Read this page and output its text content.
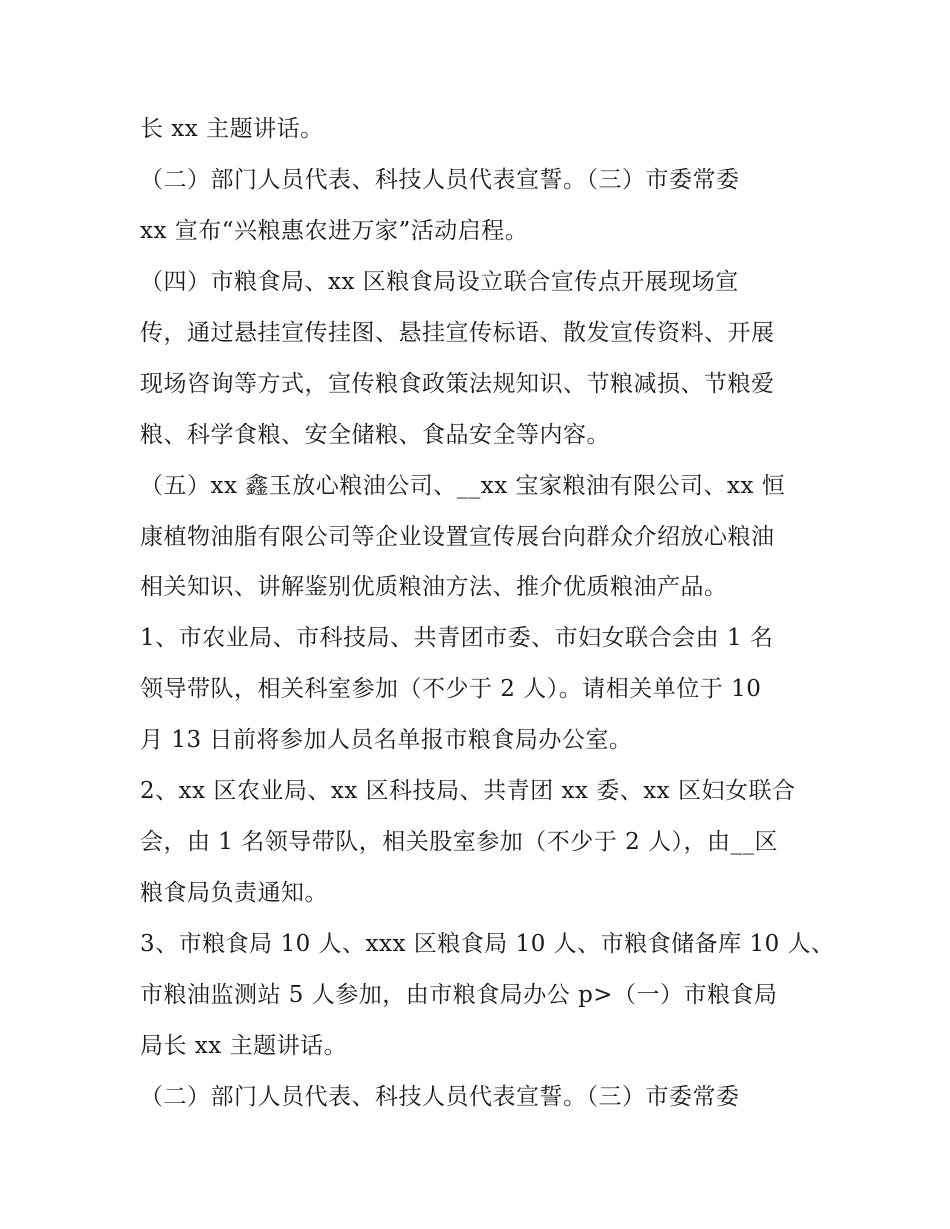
长 xx 主题讲话。
（二）部门人员代表、科技人员代表宣誓。（三）市委常委
xx 宣布“兴粮惠农进万家”活动启程。
（四）市粮食局、xx 区粮食局设立联合宣传点开展现场宣
传，通过悬挂宣传挂图、悬挂宣传标语、散发宣传资料、开展
现场咨询等方式，宣传粮食政策法规知识、节粮减损、节粮爱
粮、科学食粮、安全储粮、食品安全等内容。
（五）xx 鑫玉放心粮油公司、__xx 宝家粮油有限公司、xx 恒
康植物油脂有限公司等企业设置宣传展台向群众介绍放心粮油
相关知识、讲解鉴别优质粮油方法、推介优质粮油产品。
1、市农业局、市科技局、共青团市委、市妇女联合会由 1 名
领导带队，相关科室参加（不少于 2 人）。请相关单位于 10
月 13 日前将参加人员名单报市粮食局办公室。
2、xx 区农业局、xx 区科技局、共青团 xx 委、xx 区妇女联合
会，由 1 名领导带队，相关股室参加（不少于 2 人），由__区
粮食局负责通知。
3、市粮食局 10 人、xxx 区粮食局 10 人、市粮食储备库 10 人、
市粮油监测站 5 人参加，由市粮食局办公 p>（一）市粮食局
局长 xx 主题讲话。
（二）部门人员代表、科技人员代表宣誓。（三）市委常委
